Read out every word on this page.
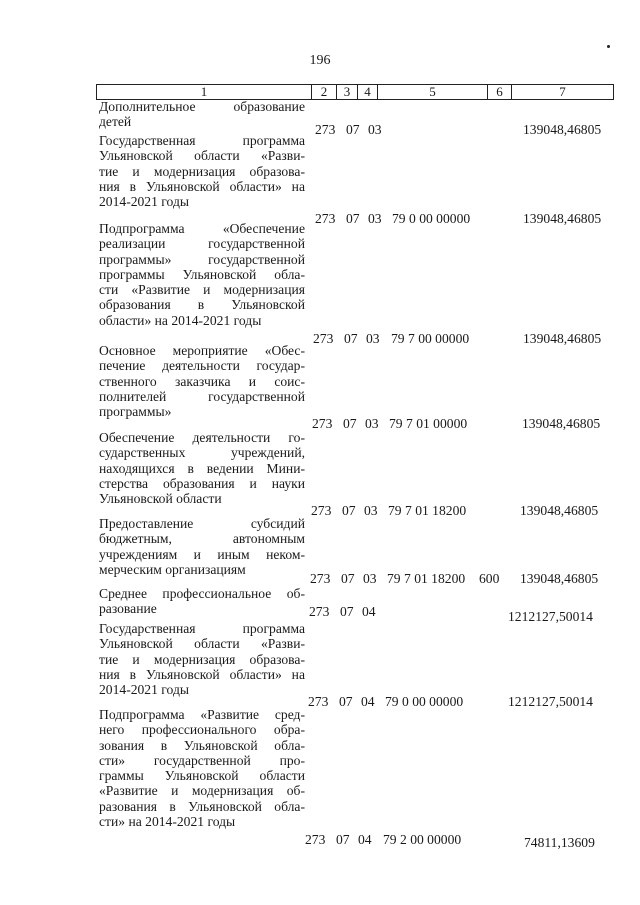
196
1	2	3	4	5	6	7
Дополнительное образование
детей
273 07 03	139048,46805
Государственная программа
Ульяновской области «Разви-
тие и модернизация образова-
ния в Ульяновской области» на
2014-2021 годы
273 07 03 79 0 00 00000	139048,46805
Подпрограмма «Обеспечение
реализации государственной
программы» государственной
программы Ульяновской обла-
сти «Развитие и модернизация
образования в Ульяновской
области» на 2014-2021 годы
273 07 03 79 7 00 00000	139048,46805
Основное мероприятие «Обес-
печение деятельности государ-
ственного заказчика и соис-
полнителей государственной
программы»
273 07 03 79 7 01 00000	139048,46805
Обеспечение деятельности го-
сударственных учреждений,
находящихся в ведении Мини-
стерства образования и науки
Ульяновской области
273 07 03 79 7 01 18200	139048,46805
Предоставление субсидий
бюджетным, автономным
учреждениям и иным неком-
мерческим организациям
273 07 03 79 7 01 18200 600 139048,46805
Среднее профессиональное об-
разование	273 07 04	1212127,50014
Государственная программа
Ульяновской области «Разви-
тие и модернизация образова-
ния в Ульяновской области» на
2014-2021 годы
273 07 04 79 0 00 00000	1212127,50014
Подпрограмма «Развитие сред-
него профессионального обра-
зования в Ульяновской обла-
сти» государственной про-
граммы Ульяновской области
«Развитие и модернизация об-
разования в Ульяновской обла-
сти» на 2014-2021 годы
273 07 04 79 2 00 00000	74811,13609
